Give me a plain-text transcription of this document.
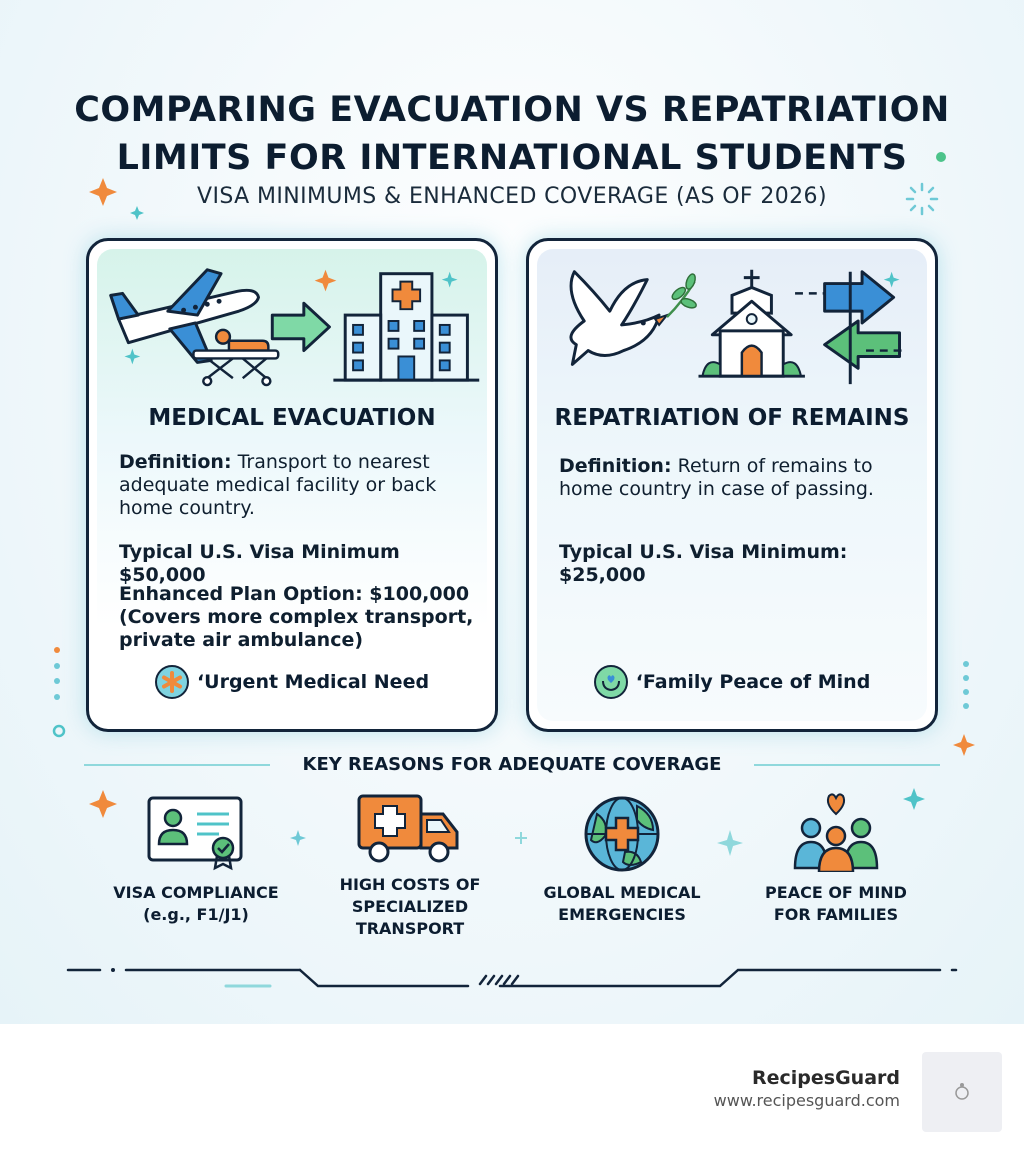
COMPARING EVACUATION VS REPATRIATION
LIMITS FOR INTERNATIONAL STUDENTS
VISA MINIMUMS & ENHANCED COVERAGE (AS OF 2026)
MEDICAL EVACUATION
Definition: Transport to nearest adequate medical facility or back home country.
Typical U.S. Visa Minimum $50,000
Enhanced Plan Option: $100,000
(Covers more complex transport, private air ambulance)
‘Urgent Medical Need
REPATRIATION OF REMAINS
Definition: Return of remains to home country in case of passing.
Typical U.S. Visa Minimum:
$25,000
‘Family Peace of Mind
KEY REASONS FOR ADEQUATE COVERAGE
VISA COMPLIANCE
(e.g., F1/J1)
HIGH COSTS OF
SPECIALIZED
TRANSPORT
GLOBAL MEDICAL
EMERGENCIES
PEACE OF MIND
FOR FAMILIES
RecipesGuard
www.recipesguard.com
